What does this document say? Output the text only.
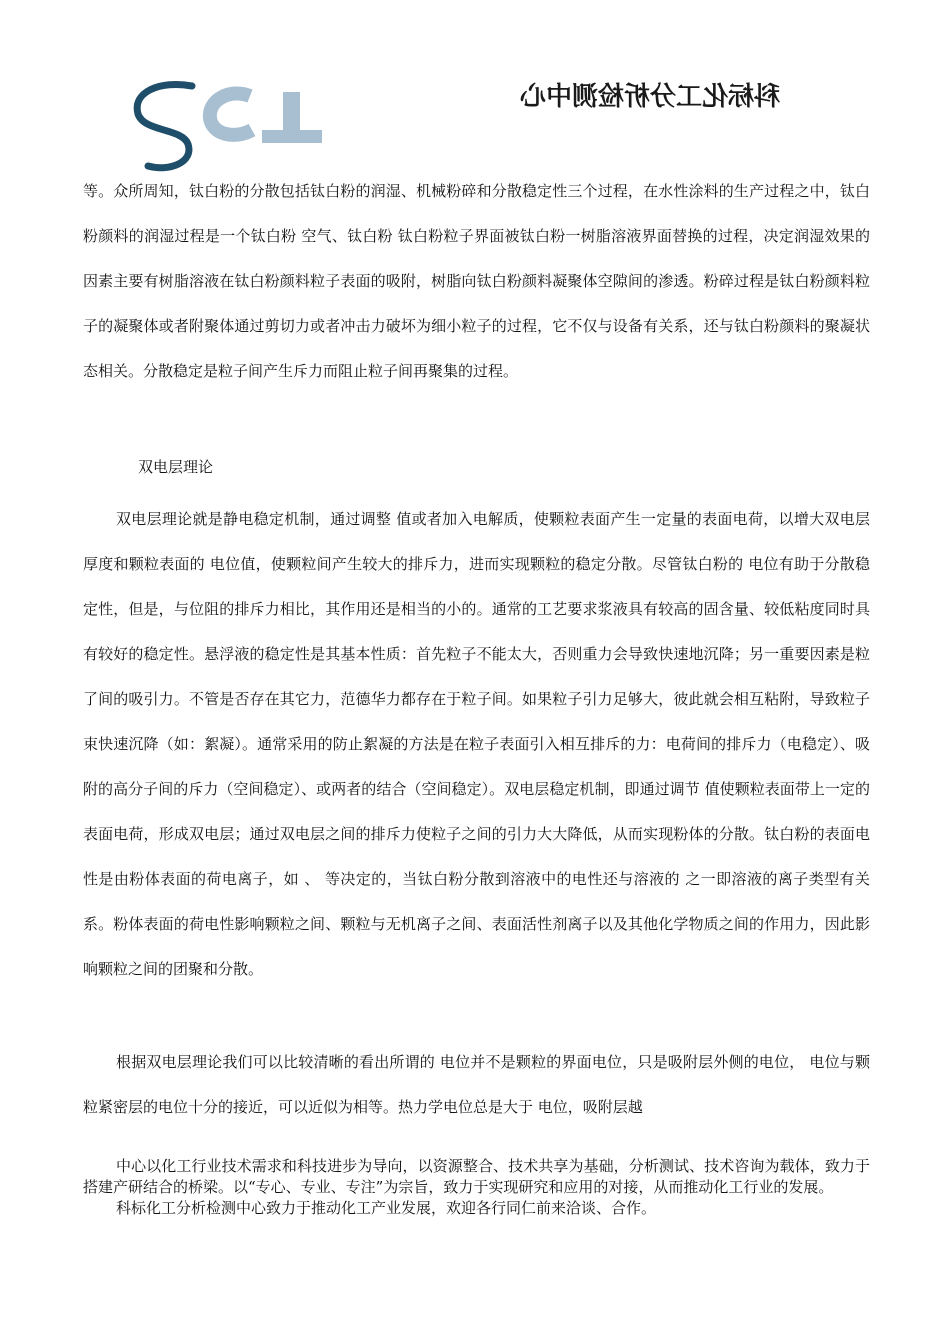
科标化工分析检测中心

等。众所周知，钛白粉的分散包括钛白粉的润湿、机械粉碎和分散稳定性三个过程，在水性涂料的生产过程之中，钛白粉颜料的润湿过程是一个钛白粉 空气、钛白粉 钛白粉粒子界面被钛白粉一树脂溶液界面替换的过程，决定润湿效果的因素主要有树脂溶液在钛白粉颜料粒子表面的吸附，树脂向钛白粉颜料凝聚体空隙间的渗透。粉碎过程是钛白粉颜料粒子的凝聚体或者附聚体通过剪切力或者冲击力破坏为细小粒子的过程，它不仅与设备有关系，还与钛白粉颜料的聚凝状态相关。分散稳定是粒子间产生斥力而阻止粒子间再聚集的过程。

双电层理论

双电层理论就是静电稳定机制，通过调整 值或者加入电解质，使颗粒表面产生一定量的表面电荷，以增大双电层厚度和颗粒表面的 电位值，使颗粒间产生较大的排斥力，进而实现颗粒的稳定分散。尽管钛白粉的 电位有助于分散稳定性，但是，与位阻的排斥力相比，其作用还是相当的小的。通常的工艺要求浆液具有较高的固含量、较低粘度同时具有较好的稳定性。悬浮液的稳定性是其基本性质：首先粒子不能太大，否则重力会导致快速地沉降；另一重要因素是粒了间的吸引力。不管是否存在其它力，范德华力都存在于粒子间。如果粒子引力足够大，彼此就会相互粘附，导致粒子束快速沉降（如：絮凝）。通常采用的防止絮凝的方法是在粒子表面引入相互排斥的力：电荷间的排斥力（电稳定）、吸附的高分子间的斥力（空间稳定）、或两者的结合（空间稳定）。双电层稳定机制，即通过调节 值使颗粒表面带上一定的表面电荷，形成双电层；通过双电层之间的排斥力使粒子之间的引力大大降低，从而实现粉体的分散。钛白粉的表面电性是由粉体表面的荷电离子，如 、 等决定的，当钛白粉分散到溶液中的电性还与溶液的 之一即溶液的离子类型有关系。粉体表面的荷电性影响颗粒之间、颗粒与无机离子之间、表面活性剂离子以及其他化学物质之间的作用力，因此影响颗粒之间的团聚和分散。

根据双电层理论我们可以比较清晰的看出所谓的 电位并不是颗粒的界面电位，只是吸附层外侧的电位， 电位与颗粒紧密层的电位十分的接近，可以近似为相等。热力学电位总是大于 电位，吸附层越

中心以化工行业技术需求和科技进步为导向，以资源整合、技术共享为基础，分析测试、技术咨询为载体，致力于搭建产研结合的桥梁。以“专心、专业、专注”为宗旨，致力于实现研究和应用的对接，从而推动化工行业的发展。

科标化工分析检测中心致力于推动化工产业发展，欢迎各行同仁前来洽谈、合作。
